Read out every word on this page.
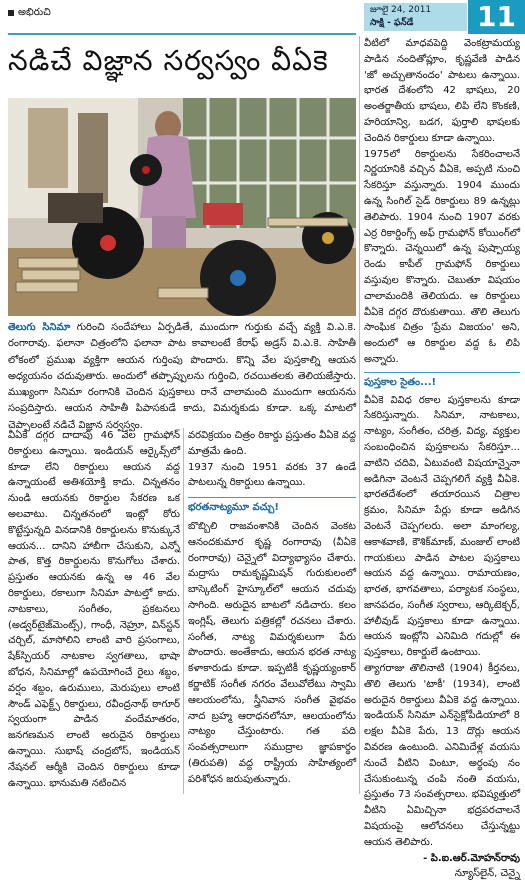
అభిరుచి	జూలై 24, 2011
సాక్షి - ఫన్‌డే	11
నడిచే విజ్ఞాన సర్వస్వం వీఏకె
తెలుగు సినిమా గురించి సందేహాలు ఏర్పడితే, ముందుగా గుర్తుకు వచ్చే వ్యక్తి వి.ఎ.కె. రంగారావు. ఫలానా చిత్రంలోని ఫలానా పాట కావాలంటే కేరాఫ్ అడ్రస్ వి.ఎ.కె. సాహితీ లోకంలో ప్రముఖ వ్యక్తిగా ఆయన గుర్తింపు పొందారు. కొన్ని వేల పుస్తకాల్ని ఆయన అధ్యయనం చదువుతారు. అందులో తప్పొప్పులను గుర్తించి, రచయితలకు తెలియజేస్తారు. ముఖ్యంగా సినిమా రంగానికి చెందిన పుస్తకాలు రానే చాలామంది ముందుగా ఆయనను సంప్రదిస్తారు. ఆయన సాహితీ పిపాసకుడే కాదు, విమర్శకుడు కూడా. ఒక్క మాటలో చెప్పాలంటే నడిచే విజ్ఞాన సర్వస్వం.
వీఏకె దగ్గర దాదాపు 46 వేల గ్రామఫోన్ రికార్డులు ఉన్నాయి. ఇండియన్ ఆర్కైవ్స్‌లో కూడా లేని రికార్డులు ఆయన వద్ద ఉన్నాయంటే అతిశయోక్తి కాదు. చిన్నతనం నుండి ఆయనకు రికార్డుల సేకరణ ఒక అలవాటు. చిన్నతనంలో ఇంట్లో ఠోరు కొట్టేస్తున్నది వినడానికి రికార్డులను కొనుక్కునే ఆయన... దానిని హాబీగా చేసుకుని, ఎన్నో పాత, కొత్త రికార్డులను కొనుగోలు చేశారు. ప్రస్తుతం ఆయనకు ఉన్న ఆ 46 వేల రికార్డులు, రకాలుగా సినిమా పాటల్తో కాదు. నాటకాలు, సంగీతం, ప్రకటనలు (అడ్వర్‌టైజ్‌మెంట్స్), గాంధీ, నెహ్రూ, విన్‌స్టన్ చర్చిల్, మాసోలిని లాంటి వారి ప్రసంగాలు, షేక్‌స్పియర్ నాటకాల స్వగతాలు, భాషా బోధన, సినిమాల్లో ఉపయోగించే రైలు శబ్దం, వర్షం శబ్దం, ఉరుములు, మెరుపులు లాంటి సౌండ్ ఎఫెక్ట్స్ రికార్డులు, రవీంద్రనాథ్ ఠాగూర్ స్వయంగా పాడిన వందేమాతరం, జనగణమన లాంటి అరుదైన రికార్డులు ఉన్నాయి. సుభాష్ చంద్రబోస్, ఇండియన్ నేషనల్ ఆర్మీకి చెందిన రికార్డులు కూడా ఉన్నాయి. భానుమతి నటించిన
వరవిక్రయం చిత్రం రికార్డు ప్రస్తుతం వీఏకె వద్ద మాత్రమే ఉంది.
1937 నుంచి 1951 వరకు 37 ఉండే పాటలున్న రికార్డులు ఉన్నాయి.
భరతనాట్యమూ వచ్చు!
బొబ్బిలి రాజవంశానికి చెందిన వెంకట ఆనందకుమార కృష్ణ రంగారావు (వీఏకె రంగారావు) చెన్నైలో విద్యాభ్యాసం చేశారు. మద్రాసు రామకృష్ణమిషన్ గురుకులంలో బాస్కెటింగ్ హైస్కూల్‌లో ఆయన చదువు సాగింది. అరుదైన బాటలో నడిచారు. కలం ఇంగ్లిష్, తెలుగు పత్రికల్లో రచనలు చేశారు. సంగీత, నాట్య విమర్శకులుగా పేరు పొందారు. అంతేకాదు, ఆయన భరత నాట్య కళాకారుడు కూడా. ఇప్పటికీ కృష్ణయ్యంకార్ కర్ణాటిక్ సంగీత నగరం వేలువోలేటు స్వామి ఆలయంలోను, స్త్రీనివాస సంగీత వైభవం నాద బ్రహ్మ ఆరాధనలోనూ, ఆలయంలోను నాట్యం చేస్తుంటారు. గత పది సంవత్సరాలుగా సముద్రాల జ్ఞాపకార్థం (తిరుపతి) వద్ద రాష్ట్రీయ సాహిత్యంలో పరిశోధన జరుపుతున్నారు.
వీటిలో మాధవపెద్ది వెంకట్రామయ్య పాడిన నందితోప్లూం, కృష్ణవేణి పాడిన 'జో అచ్చుతానందం' పాటలు ఉన్నాయి. భారత దేశంలోని 42 భాషలు, 20 అంతర్జాతీయ భాషలు, లిపి లేని కొంకణి, హరియాన్వి, బడగ, ఫుర్తాలి భాషలకు చెందిన రికార్డులు కూడా ఉన్నాయి.
1975లో రికార్డులను సేకరించాలనే నిర్ణయానికి వచ్చిన వీఏకె, అప్పటి నుంచి సేకరిస్తూ వస్తున్నారు. 1904 ముందు ఉన్న సింగిల్ సైడ్ రికార్డులు 89 ఉన్నట్లు తెలిపారు. 1904 నుంచి 1907 వరకు ఎర్ర రికార్డింగ్స్ అఫ్ గ్రామఫోన్ కోయింగ్‌లో కొన్నారు. చెన్నయిలో ఉన్న పుష్పాయ్య రెండు కాపీల్ గ్రామఫోన్ రికార్డులు వస్తువుల కొన్నారు. చెబుతూ విషయం చాలామందికి తెలియదు. ఆ రికార్డులు వీఏకె దగ్గర దొరుకుతాయి. తొలి తెలుగు సాంఘిక చిత్రం 'ప్రేమ విజయం' అని, అందులో ఆ రికార్డుల వద్ద ఓ లిపి అన్నారు.
పుస్తకాల సైతం...!
వీఏకె వివిధ రకాల పుస్తకాలను కూడా సేకరిస్తున్నారు. సినిమా, నాటకాలు, నాట్యం, సంగీతం, చరిత్ర, విద్య, వ్యక్తుల సంబంధించిన పుస్తకాలను సేకరిస్తూ... వాటిని చదివి, ఏటువంటి విషయాన్నైనా అడిగినా వెంటనే చెప్పగలిగే వ్యక్తి వీఏకె. భారతదేశంలో తయారయిన చిత్రాల క్రమం, సినిమా పేర్లు కూడా అడిగిన వెంటనే చెప్పగలరు. అలా మాంగల్య, ఆకాశవాణి, కౌశిక్‌మాణ్, మంజుల్ లాంటి గాయకులు పాడిన పాటల పుస్తకాలు ఆయన వద్ద ఉన్నాయి. రామాయణం, భారత, భాగవతాలు, పర్యాటక సంస్థలు, జానపదం, సంగీత స్వరాలు, ఆర్కిటెక్చర్, హాలీవుడ్ పుస్తకాలు కూడా ఉన్నాయి. ఆయన ఇంట్లోని ఎనిమిది గదుల్లో ఈ పుస్తకాలు, రికార్డులే ఉంటాయి.
త్యాగరాజు తొలినాటి (1904) కీర్తనలు, తొలి తెలుగు 'టాకీ' (1934), లాంటి అరుదైన రికార్డులు వీఏకె వద్ద ఉన్నాయి. ఇండియన్ సినిమా ఎన్‌సైక్లోపీడియాలో 8 లక్షల వీఏకె పేరు, 13 దొర్లు ఆయన వివరణ ఉంటుంది. ఎనిమిదేళ్ల వయసు నుంచే వీటిని వింటూ, అర్థంపు నం చేసుకుంటున్న చంపి నంతి వయసు, ప్రస్తుతం 73 సంవత్సరాలు. భవిష్యత్తులో వీటిని ఏమిచ్చినా భద్రపరచాలనే విషయంపై ఆలోచనలు చేస్తున్నట్టు ఆయన తెలిపారు.
- పి.ఐ.ఆర్.మోహన్‌రావు
న్యూస్‌లైన్, చెన్నై
